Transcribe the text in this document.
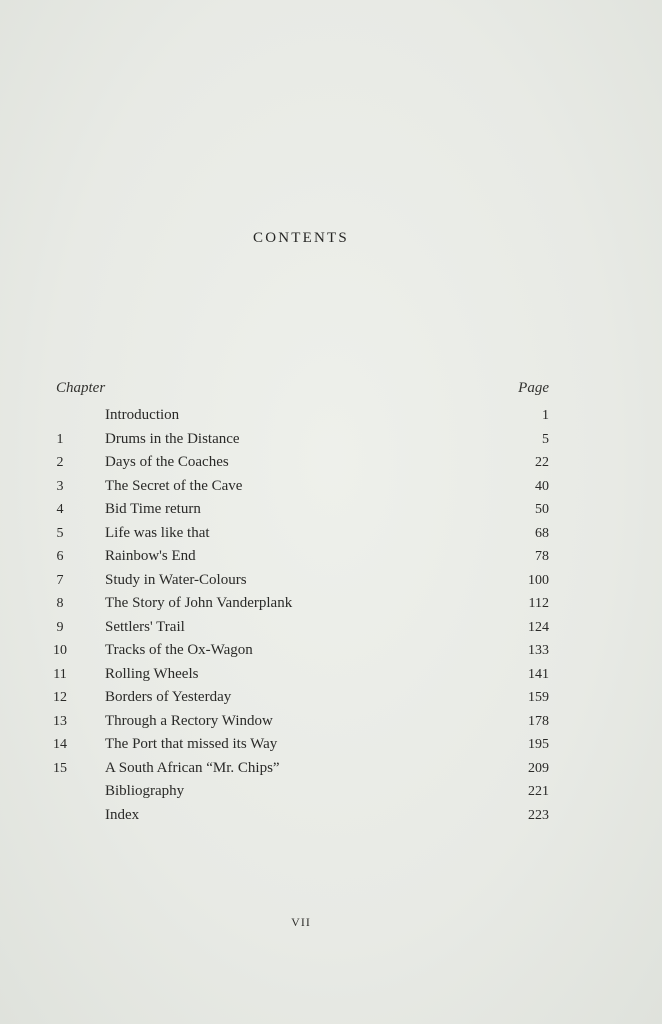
CONTENTS
Chapter	Page
Introduction	1
1	Drums in the Distance	5
2	Days of the Coaches	22
3	The Secret of the Cave	40
4	Bid Time return	50
5	Life was like that	68
6	Rainbow's End	78
7	Study in Water-Colours	100
8	The Story of John Vanderplank	112
9	Settlers' Trail	124
10	Tracks of the Ox-Wagon	133
11	Rolling Wheels	141
12	Borders of Yesterday	159
13	Through a Rectory Window	178
14	The Port that missed its Way	195
15	A South African “Mr. Chips”	209
Bibliography	221
Index	223
VII
